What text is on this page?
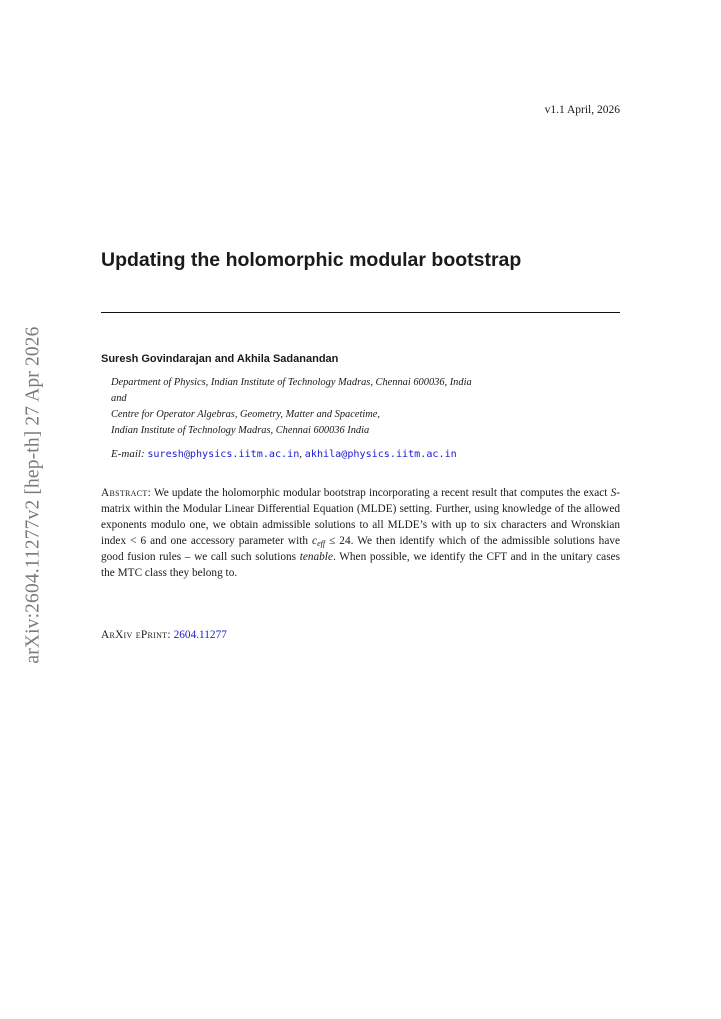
arXiv:2604.11277v2 [hep-th] 27 Apr 2026
v1.1 April, 2026
Updating the holomorphic modular bootstrap
Suresh Govindarajan and Akhila Sadanandan
Department of Physics, Indian Institute of Technology Madras, Chennai 600036, India
and
Centre for Operator Algebras, Geometry, Matter and Spacetime,
Indian Institute of Technology Madras, Chennai 600036 India
E-mail: suresh@physics.iitm.ac.in, akhila@physics.iitm.ac.in

Abstract: We update the holomorphic modular bootstrap incorporating a recent result that computes the exact S-matrix within the Modular Linear Differential Equation (MLDE) setting. Further, using knowledge of the allowed exponents modulo one, we obtain admissible solutions to all MLDE’s with up to six characters and Wronskian index < 6 and one accessory parameter with $c_{eff} \le 24$. We then identify which of the admissible solutions have good fusion rules – we call such solutions tenable. When possible, we identify the CFT and in the unitary cases the MTC class they belong to.

ArXiv ePrint: 2604.11277
